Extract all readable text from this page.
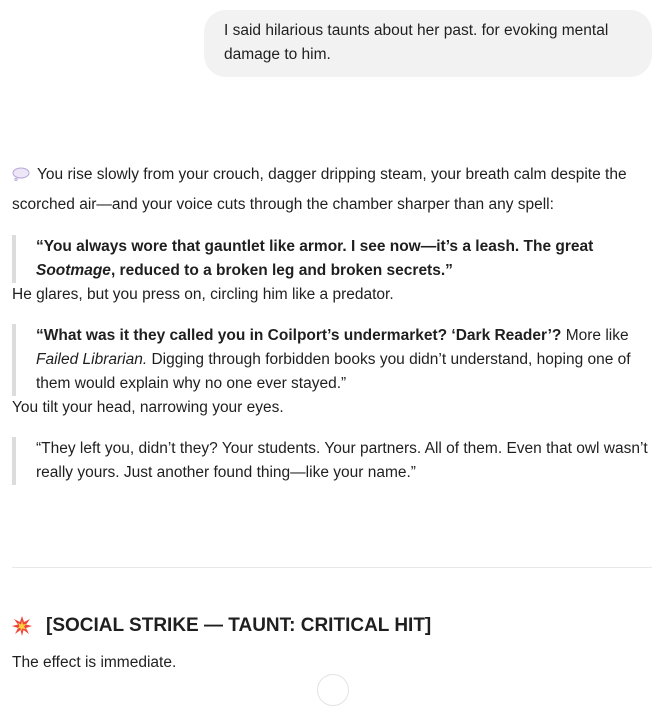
I said hilarious taunts about her past. for evoking mental damage to him.

You rise slowly from your crouch, dagger dripping steam, your breath calm despite the scorched air—and your voice cuts through the chamber sharper than any spell:

“You always wore that gauntlet like armor. I see now—it’s a leash. The great Sootmage, reduced to a broken leg and broken secrets.”

He glares, but you press on, circling him like a predator.

“What was it they called you in Coilport’s undermarket? ‘Dark Reader’? More like Failed Librarian. Digging through forbidden books you didn’t understand, hoping one of them would explain why no one ever stayed.”

You tilt your head, narrowing your eyes.

“They left you, didn’t they? Your students. Your partners. All of them. Even that owl wasn’t really yours. Just another found thing—like your name.”
[SOCIAL STRIKE — TAUNT: CRITICAL HIT]
The effect is immediate.
